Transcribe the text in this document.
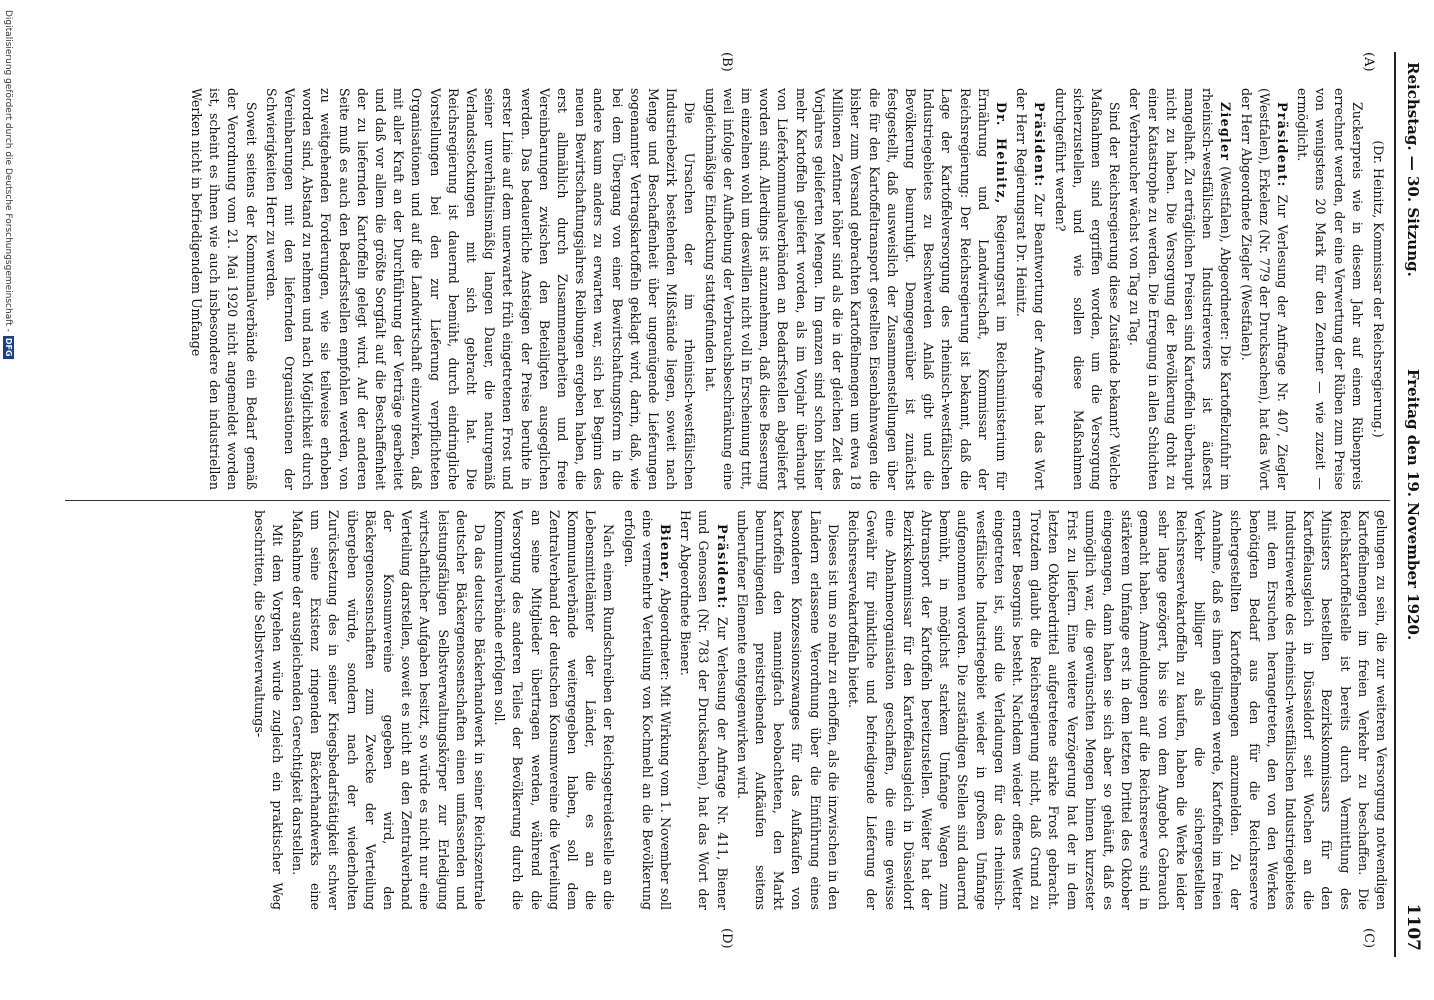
Reichstag. — 30. Sitzung.
Freitag den 19. November 1920.
1107
(A)
(B)
(C)
(D)

(Dr. Heinitz, Kommissar der Reichsregierung.)

Zuckerpreis wie in diesem Jahr auf einem Rübenpreis errechnet werden, der eine Verwertung der Rüben zum Preise von wenigstens 20 Mark für den Zentner — wie zuzeit — ermöglicht.

Präsident: Zur Verlesung der Anfrage Nr. 407, Ziegler (Westfalen), Erkelenz (Nr. 779 der Drucksachen), hat das Wort der Herr Abgeordnete Ziegler (Westfalen).

Ziegler (Westfalen), Abgeordneter: Die Kartoffelzufuhr im rheinisch-westfälischen Industriereviers ist äußerst mangelhaft. Zu erträglichen Preisen sind Kartoffeln überhaupt nicht zu haben. Die Versorgung der Bevölkerung droht zu einer Katastrophe zu werden. Die Erregung in allen Schichten der Verbraucher wächst von Tag zu Tag.

Sind der Reichsregierung diese Zustände bekannt? Welche Maßnahmen sind ergriffen worden, um die Versorgung sicherzustellen, und wie sollen diese Maßnahmen durchgeführt werden?

Präsident: Zur Beantwortung der Anfrage hat das Wort der Herr Regierungsrat Dr. Heinitz.

Dr. Heinitz, Regierungsrat im Reichsministerium für Ernährung und Landwirtschaft, Kommissar der Reichsregierung: Der Reichsregierung ist bekannt, daß die Lage der Kartoffelversorgung des rheinisch-westfälischen Industriegebietes zu Beschwerden Anlaß gibt und die Bevölkerung beunruhigt. Demgegenüber ist zunächst festgestellt, daß ausweislich der Zusammenstellungen über die für den Kartoffeltransport gestellten Eisenbahnwagen die bisher zum Versand gebrachten Kartoffelmengen um etwa 18 Millionen Zentner höher sind als die in der gleichen Zeit des Vorjahres gelieferten Mengen. Im ganzen sind schon bisher mehr Kartoffeln geliefert worden, als im Vorjahr überhaupt von Lieferkommunalverbänden an Bedarfsstellen abgeliefert worden sind. Allerdings ist anzunehmen, daß diese Besserung im einzelnen wohl um deswillen nicht voll in Erscheinung tritt, weil infolge der Aufhebung der Verbrauchsbeschränkung eine ungleichmäßige Eindeckung stattgefunden hat.

Die Ursachen der im rheinisch-westfälischen Industriebezirk bestehenden Mißstände liegen, soweit nach Menge und Beschaffenheit über ungenügende Lieferungen sogenannter Vertragskartoffeln geklagt wird, darin, daß, wie bei dem Übergang von einer Bewirtschaftungsform in die andere kaum anders zu erwarten war, sich bei Beginn des neuen Bewirtschaftungsjahres Reibungen ergeben haben, die erst allmählich durch Zusammenarbeiten und freie Vereinbarungen zwischen den Beteiligten ausgeglichen werden. Das bedauerliche Ansteigen der Preise beruhte in erster Linie auf dem unerwartet früh eingetretenen Frost und seiner unverhältnismäßig langen Dauer, die naturgemäß Verlandsstockungen mit sich gebracht hat. Die Reichsregierung ist dauernd bemüht, durch eindringliche Vorstellungen bei den zur Lieferung verpflichteten Organisationen und auf die Landwirtschaft einzuwirken, daß mit aller Kraft an der Durchführung der Verträge gearbeitet und daß vor allem die größte Sorgfalt auf die Beschaffenheit der zu liefernden Kartoffeln gelegt wird. Auf der anderen Seite muß es auch den Bedarfsstellen empfohlen werden, von zu weitgehenden Forderungen, wie sie teilweise erhoben worden sind, Abstand zu nehmen und nach Möglichkeit durch Vereinbarungen mit den liefernden Organisationen der Schwierigkeiten Herr zu werden.

Soweit seitens der Kommunalverbände ein Bedarf gemäß der Verordnung vom 21. Mai 1920 nicht angemeldet worden ist, scheint es ihnen wie auch insbesondere den industriellen Werken nicht in befriedigendem Umfange

gelungen zu sein, die zur weiteren Versorgung notwendigen Kartoffelmengen im freien Verkehr zu beschaffen. Die Reichskartoffelstelle ist bereits durch Vermittlung des Ministers bestellten Bezirkskommissars für den Kartoffelausgleich in Düsseldorf seit Wochen an die Industriewerke des rheinisch-westfälischen Industriegebietes mit dem Ersuchen herangetreten, den von den Werken benötigten Bedarf aus den für die Reichsreserve sichergestellten Kartoffelmengen anzumelden. Zu der Annahme, daß es ihnen gelingen werde, Kartoffeln im freien Verkehr billiger als die sichergestellten Reichsreservekartoffeln zu kaufen, haben die Werke leider sehr lange gezögert, bis sie von dem Angebot Gebrauch gemacht haben. Anmeldungen auf die Reichsreserve sind in stärkerem Umfange erst in dem letzten Drittel des Oktober eingegangen, dann haben sie sich aber so gehäuft, daß es unmöglich war, die gewünschten Mengen binnen kurzester Frist zu liefern. Eine weitere Verzögerung hat der in dem letzten Oktoberdrittel aufgetretene starke Frost gebracht. Trotzdem glaubt die Reichsregierung nicht, daß Grund zu ernster Besorgnis besteht. Nachdem wieder offenes Wetter eingetreten ist, sind die Verladungen für das rheinisch-westfälische Industriegebiet wieder in großem Umfange aufgenommen worden. Die zuständigen Stellen sind dauernd bemüht, in möglichst starkem Umfange Wagen zum Abtransport der Kartoffeln bereitzustellen. Weiter hat der Bezirkskommissar für den Kartoffelausgleich in Düsseldorf eine Abnahmeorganisation geschaffen, die eine gewisse Gewähr für pünktliche und befriedigende Lieferung der Reichsreservekartoffeln bietet.

Dieses ist um so mehr zu erhoffen, als die inzwischen in den Ländern erlassene Verordnung über die Einführung eines besonderen Konzessionszwanges für das Aufkaufen von Kartoffeln den mannigfach beobachteten, den Markt beunruhigenden preistreibenden Aufkäufen seitens unberufener Elemente entgegenwirken wird.

Präsident: Zur Verlesung der Anfrage Nr. 411, Biener und Genossen (Nr. 783 der Drucksachen), hat das Wort der Herr Abgeordnete Biener.

Biener, Abgeordneter: Mit Wirkung vom 1. November soll eine vermehrte Verteilung von Kochmehl an die Bevölkerung erfolgen.

Nach einem Rundschreiben der Reichsgetreidestelle an die Lebensmittelämter der Länder, die es an die Kommunalverbände weitergegeben haben, soll dem Zentralverband der deutschen Konsumvereine die Verteilung an seine Mitglieder übertragen werden, während die Versorgung des anderen Teiles der Bevölkerung durch die Kommunalverbände erfolgen soll.

Da das deutsche Bäckerhandwerk in seiner Reichszentrale deutscher Bäckergenossenschaften einen umfassenden und leistungsfähigen Selbstverwaltungskörper zur Erledigung wirtschaftlicher Aufgaben besitzt, so würde es nicht nur eine Verteilung darstellen, soweit es nicht an den Zentralverband der Konsumvereine gegeben wird, den Bäckergenossenschaften zum Zwecke der Verteilung übergeben würde, sondern nach der wiederholten Zurücksetzung des in seiner Kriegsbedarfstätigkeit schwer um seine Existenz ringenden Bäckerhandwerks eine Maßnahme der ausgleichenden Gerechtigkeit darstellen.

Mit dem Vorgehen würde zugleich ein praktischer Weg beschritten, die Selbstverwaltungs-

Digitalisierung gefördert durch die Deutsche Forschungsgemeinschaft -DFG
